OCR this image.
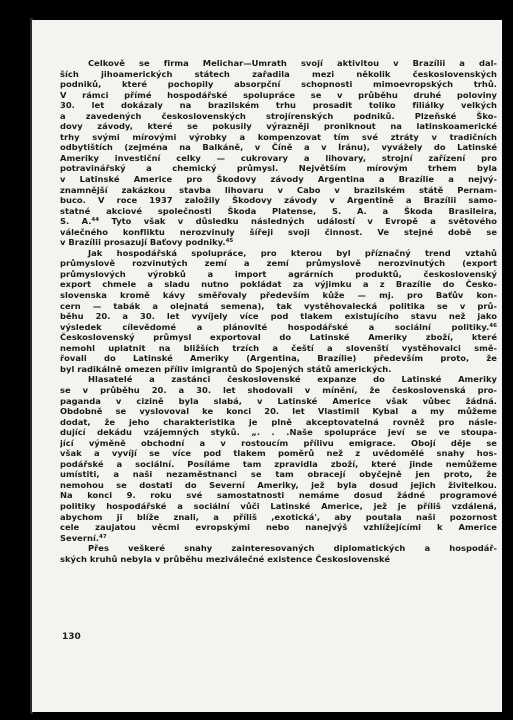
Celkově se firma Melichar—Umrath svojí aktivitou v Brazílii a dal-
ších jihoamerických státech zařadila mezi několik československých
podniků, které pochopily absorpční schopnosti mimoevropských trhů.
V rámci přímé hospodářské spolupráce se v průběhu druhé poloviny
30. let dokázaly na brazilském trhu prosadit toliko filiálky velkých
a zavedených československých strojírenských podniků. Plzeňské Ško-
dovy závody, které se pokusily výrazněji proniknout na latinskoamerické
trhy svými mírovými výrobky a kompenzovat tím své ztráty v tradičních
odbytištích (zejména na Balkáně, v Číně a v Íránu), vyvážely do Latinské
Ameriky investiční celky — cukrovary a lihovary, strojní zařízení pro
potravinářský a chemický průmysl. Největším mírovým trhem byla
v Latinské Americe pro Škodovy závody Argentina a Brazílie a nejvý-
znamnější zakázkou stavba lihovaru v Cabo v brazilském státě Pernam-
buco. V roce 1937 založily Škodovy závody v Argentině a Brazílii samo-
statné akciové společnosti Škoda Platense, S. A. a Škoda Brasileira,
S. A.$^{44}$ Tyto však v důsledku následných událostí v Evropě a světového
válečného konfliktu nerozvinuly šířeji svoji činnost. Ve stejné době se
v Brazílii prosazují Baťovy podniky.$^{45}$
Jak hospodářská spolupráce, pro kterou byl příznačný trend vztahů
průmyslově rozvinutých zemí a zemí průmyslově nerozvinutých (export
průmyslových výrobků a import agrárních produktů, československý
export chmele a sladu nutno pokládat za výjimku a z Brazílie do Česko-
slovenska kromě kávy směřovaly především kůže — mj. pro Baťův kon-
cern — tabák a olejnatá semena), tak vystěhovalecká politika se v prů-
běhu 20. a 30. let vyvíjely více pod tlakem existujícího stavu než jako
výsledek cílevědomé a plánovité hospodářské a sociální politiky.$^{46}$
Československý průmysl exportoval do Latinské Ameriky zboží, které
nemohl uplatnit na bližších trzích a čeští a slovenští vystěhovalci smě-
řovali do Latinské Ameriky (Argentina, Brazílie) především proto, že
byl radikálně omezen příliv imigrantů do Spojených států amerických.
Hlasatelé a zastánci československé expanze do Latinské Ameriky
se v průběhu 20. a 30. let shodovali v mínění, že československá pro-
paganda v cizině byla slabá, v Latinské Americe však vůbec žádná.
Obdobně se vyslovoval ke konci 20. let Vlastimil Kybal a my můžeme
dodat, že jeho charakteristika je plně akceptovatelná rovněž pro násle-
dující dekádu vzájemných styků. „. . .Naše spolupráce jeví se ve stoupa-
jící výměně obchodní a v rostoucím přílivu emigrace. Obojí děje se
však a vyvíjí se více pod tlakem poměrů než z uvědomělé snahy hos-
podářské a sociální. Posíláme tam zpravidla zboží, které jinde nemůžeme
umístiti, a naši nezaměstnanci se tam obracejí obyčejně jen proto, že
nemohou se dostati do Severní Ameriky, jež byla dosud jejich živitelkou.
Na konci 9. roku své samostatnosti nemáme dosud žádné programové
politiky hospodářské a sociální vůči Latinské Americe, jež je příliš vzdálená,
abychom ji blíže znali, a příliš ,exotická', aby poutala naši pozornost
cele zaujatou věcmi evropskými nebo nanejvýš vzhlížejícími k Americe
Severní.$^{47}$
Přes veškeré snahy zainteresovaných diplomatických a hospodář-
ských kruhů nebyla v průběhu meziválečné existence Československé
130
